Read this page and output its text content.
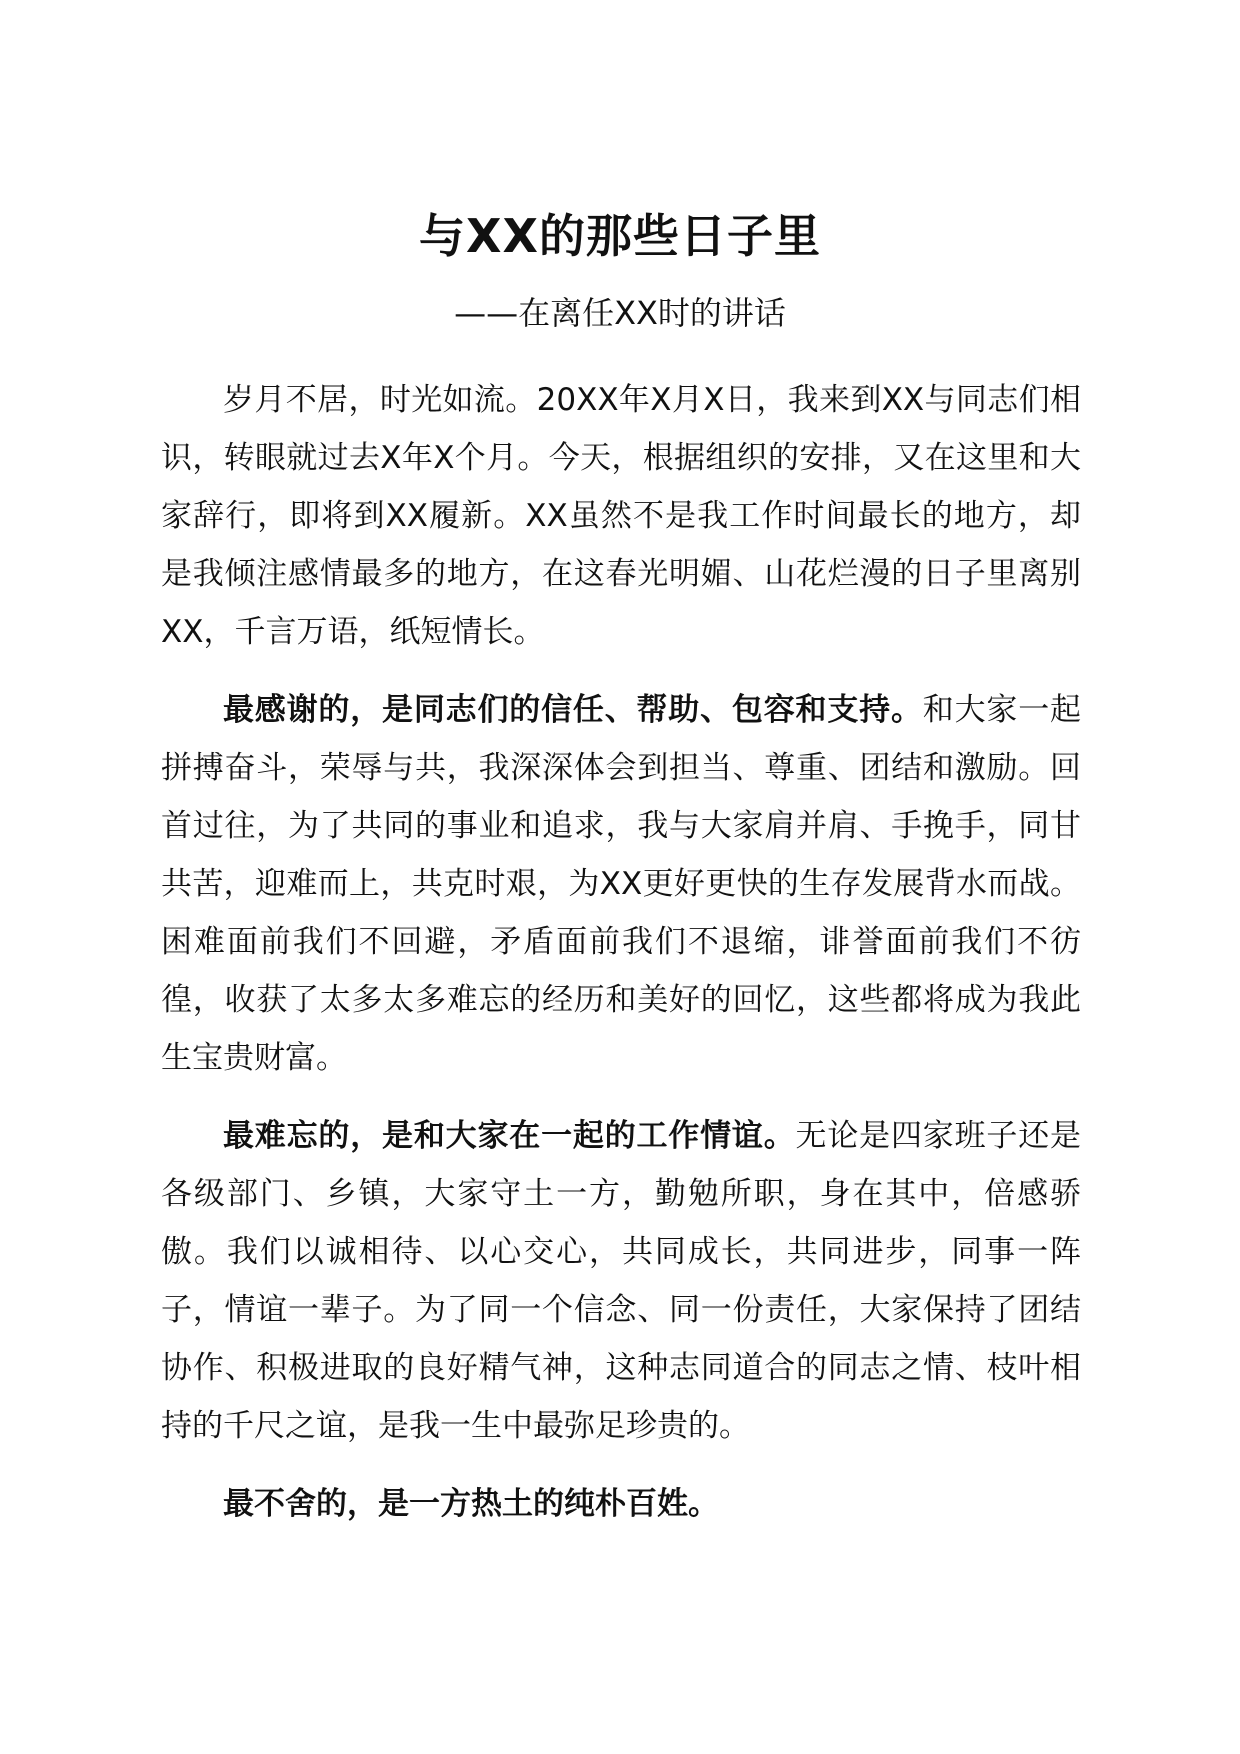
与XX的那些日子里
——在离任XX时的讲话

岁月不居，时光如流。20XX年X月X日，我来到XX与同志们相识，转眼就过去X年X个月。今天，根据组织的安排，又在这里和大家辞行，即将到XX履新。XX虽然不是我工作时间最长的地方，却是我倾注感情最多的地方，在这春光明媚、山花烂漫的日子里离别XX，千言万语，纸短情长。

最感谢的，是同志们的信任、帮助、包容和支持。和大家一起拼搏奋斗，荣辱与共，我深深体会到担当、尊重、团结和激励。回首过往，为了共同的事业和追求，我与大家肩并肩、手挽手，同甘共苦，迎难而上，共克时艰，为XX更好更快的生存发展背水而战。困难面前我们不回避，矛盾面前我们不退缩，诽誉面前我们不彷徨，收获了太多太多难忘的经历和美好的回忆，这些都将成为我此生宝贵财富。

最难忘的，是和大家在一起的工作情谊。无论是四家班子还是各级部门、乡镇，大家守土一方，勤勉所职，身在其中，倍感骄傲。我们以诚相待、以心交心，共同成长，共同进步，同事一阵子，情谊一辈子。为了同一个信念、同一份责任，大家保持了团结协作、积极进取的良好精气神，这种志同道合的同志之情、枝叶相持的千尺之谊，是我一生中最弥足珍贵的。

最不舍的，是一方热土的纯朴百姓。
